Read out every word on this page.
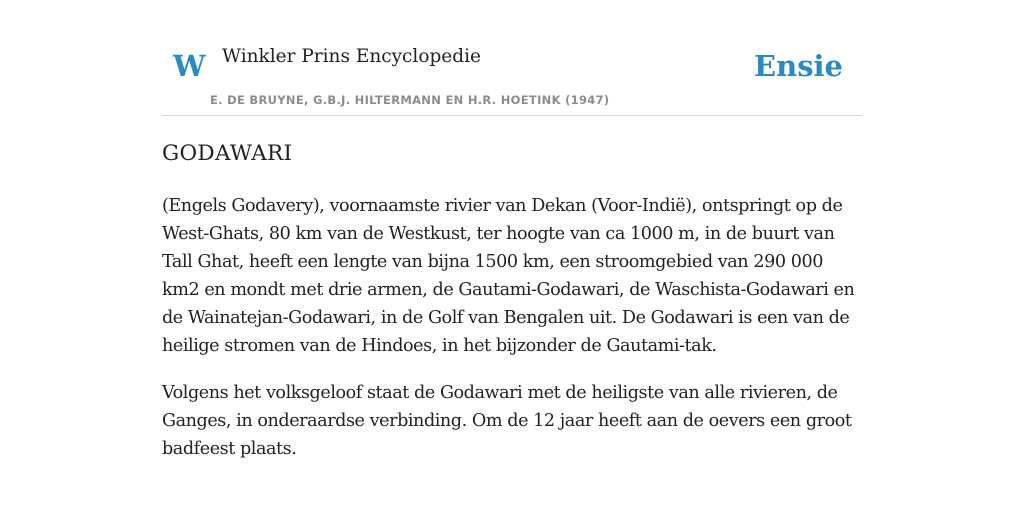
W Winkler Prins Encyclopedie
E. DE BRUYNE, G.B.J. HILTERMANN EN H.R. HOETINK (1947)
Ensie
GODAWARI

(Engels Godavery), voornaamste rivier van Dekan (Voor-Indië), ontspringt op de West-Ghats, 80 km van de Westkust, ter hoogte van ca 1000 m, in de buurt van Tall Ghat, heeft een lengte van bijna 1500 km, een stroomgebied van 290 000 km2 en mondt met drie armen, de Gautami-Godawari, de Waschista-Godawari en de Wainatejan-Godawari, in de Golf van Bengalen uit. De Godawari is een van de heilige stromen van de Hindoes, in het bijzonder de Gautami-tak.

Volgens het volksgeloof staat de Godawari met de heiligste van alle rivieren, de Ganges, in onderaardse verbinding. Om de 12 jaar heeft aan de oevers een groot badfeest plaats.
